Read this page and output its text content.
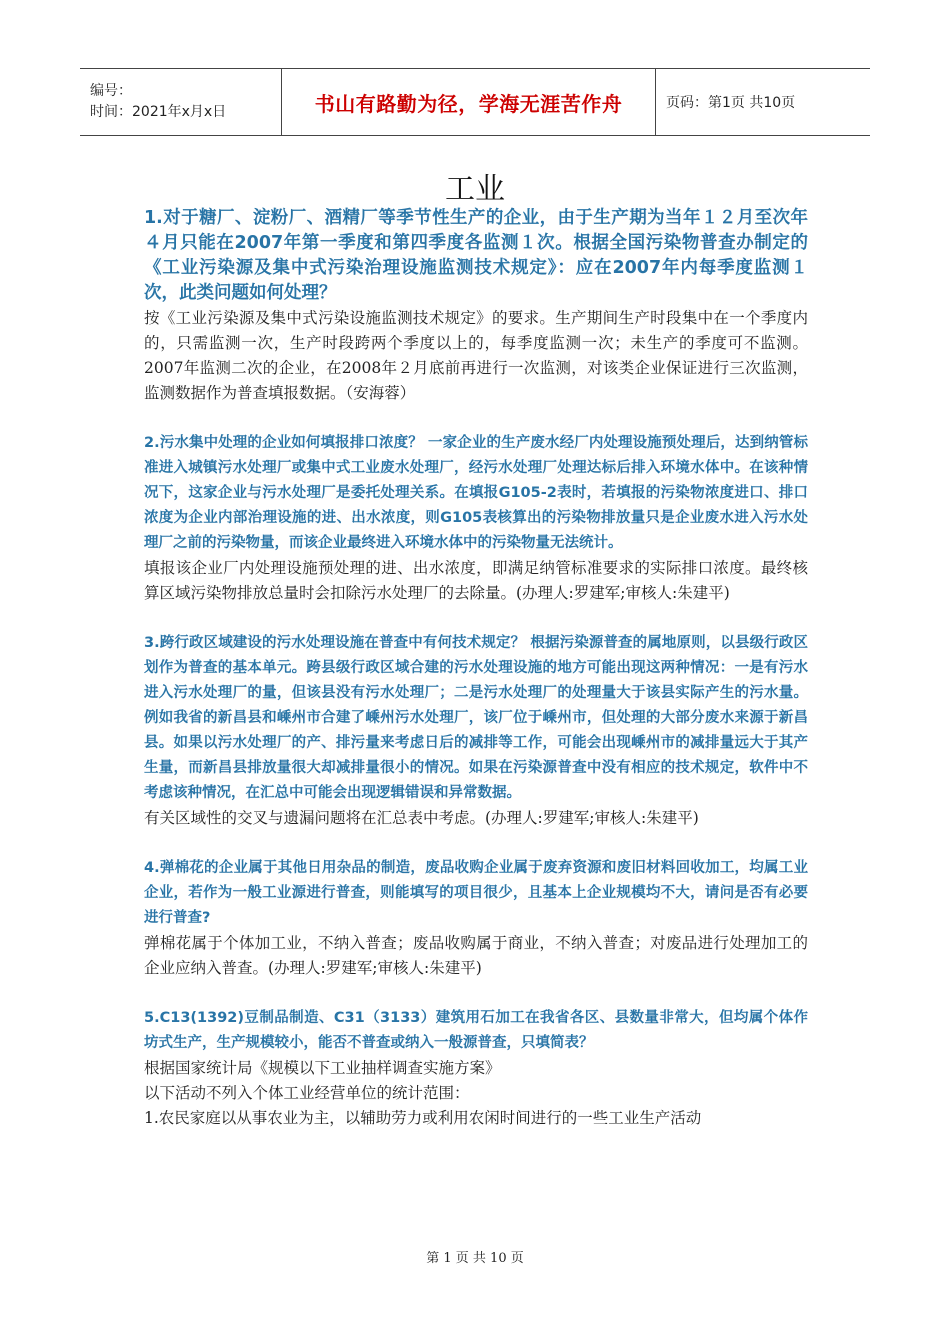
编号：
时间：2021年x月x日	书山有路勤为径，学海无涯苦作舟	页码：第1页 共10页
工业

1.对于糖厂、淀粉厂、酒精厂等季节性生产的企业，由于生产期为当年１２月至次年４月只能在2007年第一季度和第四季度各监测１次。根据全国污染物普查办制定的《工业污染源及集中式污染治理设施监测技术规定》：应在2007年内每季度监测１次，此类问题如何处理？

按《工业污染源及集中式污染设施监测技术规定》的要求。生产期间生产时段集中在一个季度内的，只需监测一次，生产时段跨两个季度以上的，每季度监测一次；未生产的季度可不监测。 2007年监测二次的企业，在2008年２月底前再进行一次监测，对该类企业保证进行三次监测，监测数据作为普查填报数据。（安海蓉）

2.污水集中处理的企业如何填报排口浓度？ 一家企业的生产废水经厂内处理设施预处理后，达到纳管标准进入城镇污水处理厂或集中式工业废水处理厂，经污水处理厂处理达标后排入环境水体中。在该种情况下，这家企业与污水处理厂是委托处理关系。在填报G105-2表时，若填报的污染物浓度进口、排口浓度为企业内部治理设施的进、出水浓度，则G105表核算出的污染物排放量只是企业废水进入污水处理厂之前的污染物量，而该企业最终进入环境水体中的污染物量无法统计。

填报该企业厂内处理设施预处理的进、出水浓度，即满足纳管标准要求的实际排口浓度。最终核算区域污染物排放总量时会扣除污水处理厂的去除量。(办理人:罗建军;审核人:朱建平)

3.跨行政区域建设的污水处理设施在普查中有何技术规定？ 根据污染源普查的属地原则，以县级行政区划作为普查的基本单元。跨县级行政区域合建的污水处理设施的地方可能出现这两种情况：一是有污水进入污水处理厂的量，但该县没有污水处理厂；二是污水处理厂的处理量大于该县实际产生的污水量。例如我省的新昌县和嵊州市合建了嵊州污水处理厂，该厂位于嵊州市，但处理的大部分废水来源于新昌县。如果以污水处理厂的产、排污量来考虑日后的减排等工作，可能会出现嵊州市的减排量远大于其产生量，而新昌县排放量很大却减排量很小的情况。如果在污染源普查中没有相应的技术规定，软件中不考虑该种情况，在汇总中可能会出现逻辑错误和异常数据。

有关区域性的交叉与遗漏问题将在汇总表中考虑。(办理人:罗建军;审核人:朱建平)

4.弹棉花的企业属于其他日用杂品的制造，废品收购企业属于废弃资源和废旧材料回收加工，均属工业企业，若作为一般工业源进行普查，则能填写的项目很少，且基本上企业规模均不大，请问是否有必要进行普查?

弹棉花属于个体加工业，不纳入普查；废品收购属于商业，不纳入普查；对废品进行处理加工的企业应纳入普查。(办理人:罗建军;审核人:朱建平)

5.C13(1392)豆制品制造、C31（3133）建筑用石加工在我省各区、县数量非常大，但均属个体作坊式生产，生产规模较小，能否不普查或纳入一般源普查，只填简表？

根据国家统计局《规模以下工业抽样调查实施方案》

以下活动不列入个体工业经营单位的统计范围：

1.农民家庭以从事农业为主，以辅助劳力或利用农闲时间进行的一些工业生产活动

第 1 页 共 10 页
